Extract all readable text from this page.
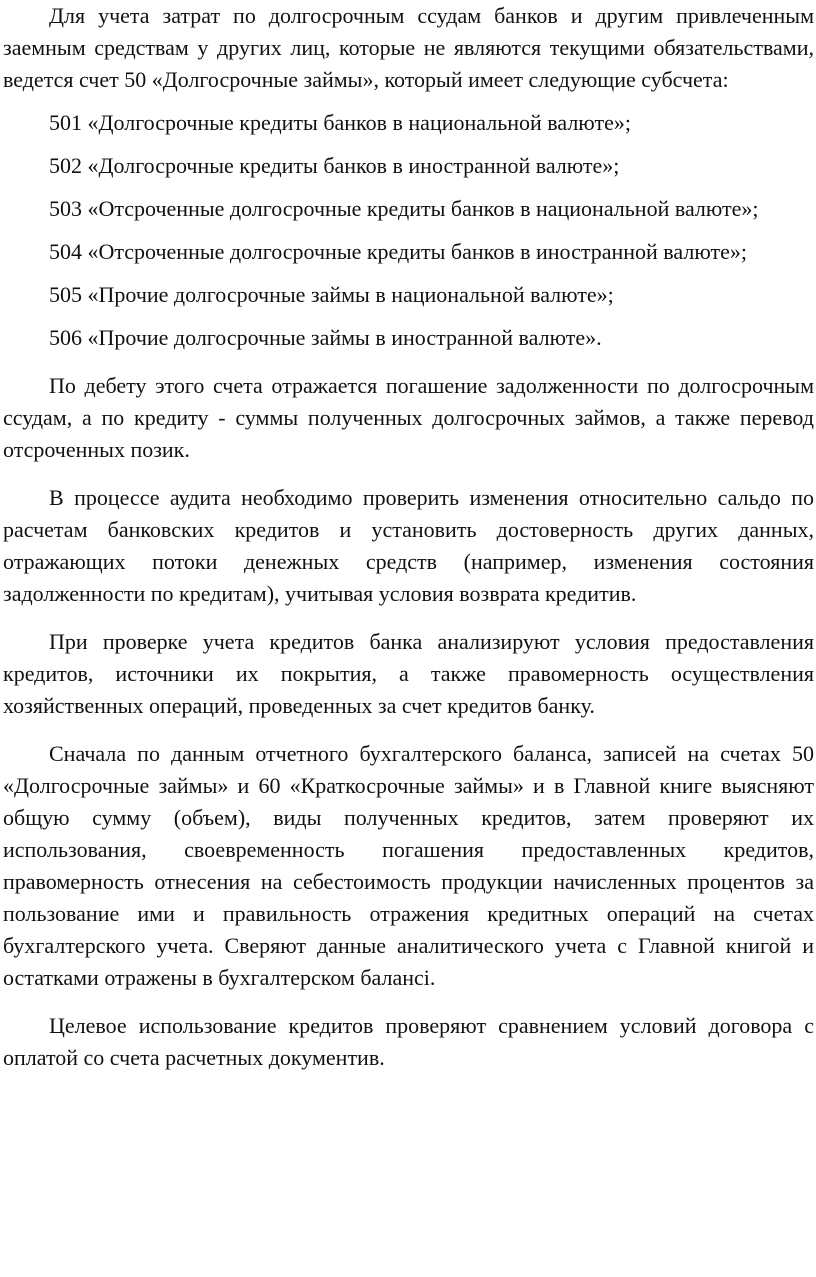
Для учета затрат по долгосрочным ссудам банков и другим привлеченным заемным средствам у других лиц, которые не являются текущими обязательствами, ведется счет 50 «Долгосрочные займы», который имеет следующие субсчета:

501 «Долгосрочные кредиты банков в национальной валюте»;

502 «Долгосрочные кредиты банков в иностранной валюте»;

503 «Отсроченные долгосрочные кредиты банков в национальной валюте»;

504 «Отсроченные долгосрочные кредиты банков в иностранной валюте»;

505 «Прочие долгосрочные займы в национальной валюте»;

506 «Прочие долгосрочные займы в иностранной валюте».

По дебету этого счета отражается погашение задолженности по долгосрочным ссудам, а по кредиту - суммы полученных долгосрочных займов, а также перевод отсроченных позик.

В процессе аудита необходимо проверить изменения относительно сальдо по расчетам банковских кредитов и установить достоверность других данных, отражающих потоки денежных средств (например, изменения состояния задолженности по кредитам), учитывая условия возврата кредитив.

При проверке учета кредитов банка анализируют условия предоставления кредитов, источники их покрытия, а также правомерность осуществления хозяйственных операций, проведенных за счет кредитов банку.

Сначала по данным отчетного бухгалтерского баланса, записей на счетах 50 «Долгосрочные займы» и 60 «Краткосрочные займы» и в Главной книге выясняют общую сумму (объем), виды полученных кредитов, затем проверяют их использования, своевременность погашения предоставленных кредитов, правомерность отнесения на себестоимость продукции начисленных процентов за пользование ими и правильность отражения кредитных операций на счетах бухгалтерского учета. Сверяют данные аналитического учета с Главной книгой и остатками отражены в бухгалтерском балансi.

Целевое использование кредитов проверяют сравнением условий договора с оплатой со счета расчетных документив.
